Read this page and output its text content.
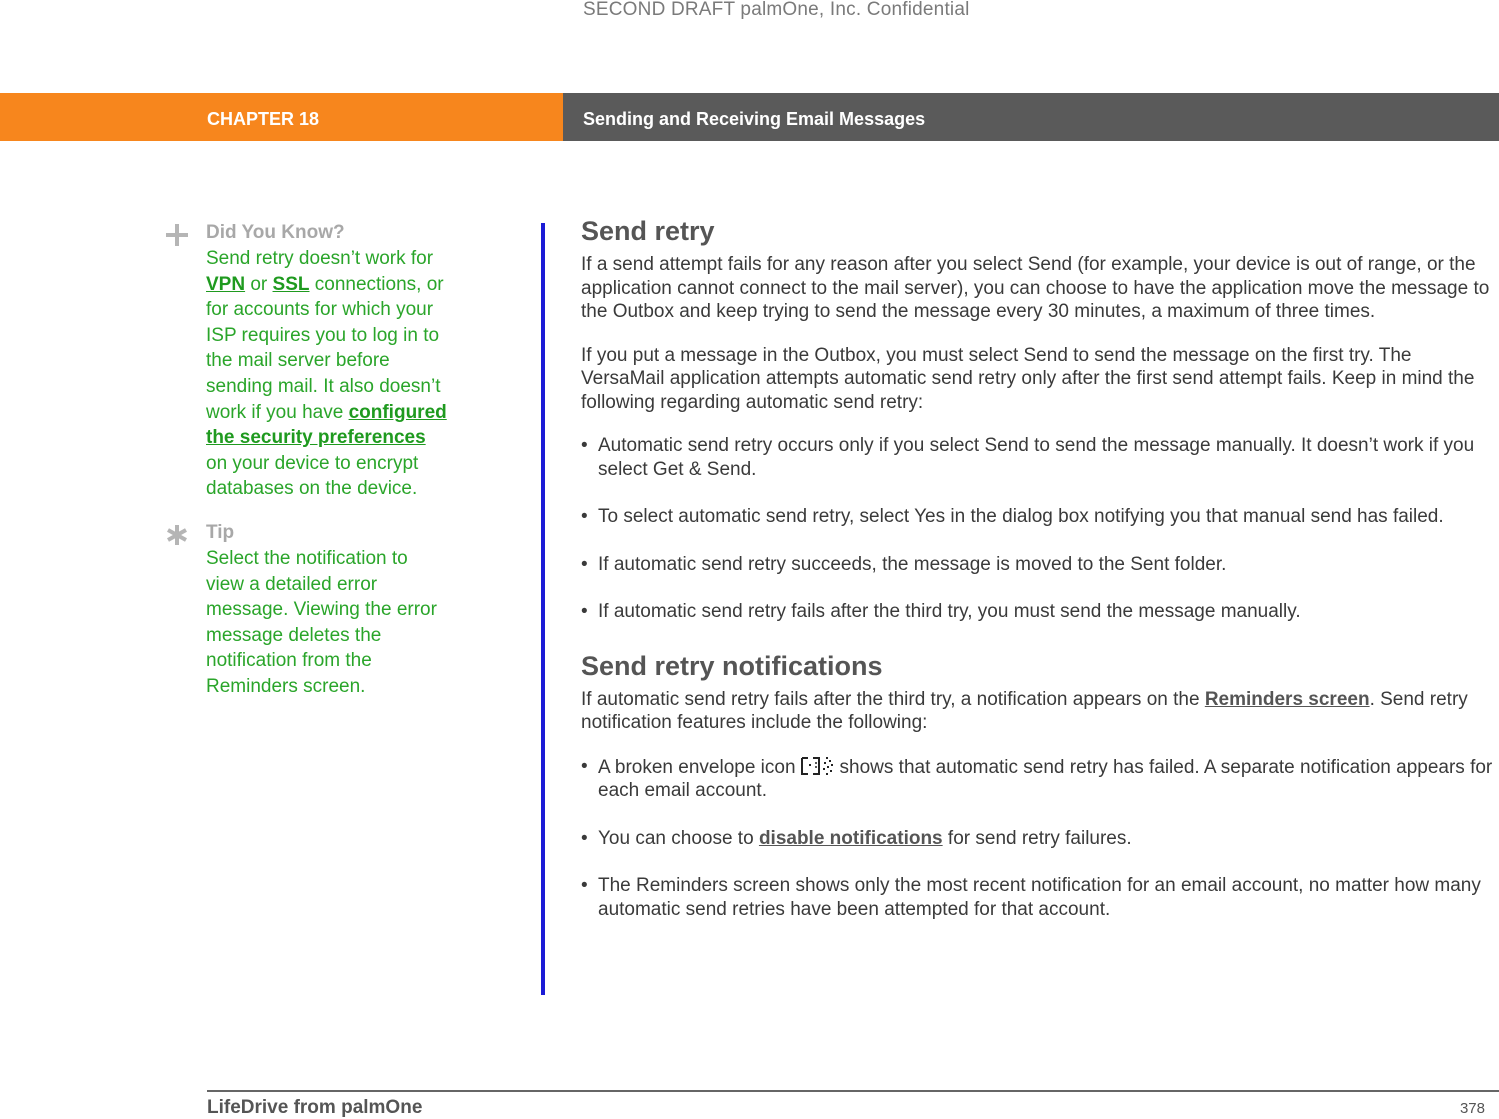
SECOND DRAFT palmOne, Inc. Confidential
CHAPTER 18	Sending and Receiving Email Messages
Did You Know?
Send retry doesn’t work for VPN or SSL connections, or for accounts for which your ISP requires you to log in to the mail server before sending mail. It also doesn’t work if you have configured the security preferences on your device to encrypt databases on the device.
Tip
Select the notification to view a detailed error message. Viewing the error message deletes the notification from the Reminders screen.
Send retry

If a send attempt fails for any reason after you select Send (for example, your device is out of range, or the application cannot connect to the mail server), you can choose to have the application move the message to the Outbox and keep trying to send the message every 30 minutes, a maximum of three times.

If you put a message in the Outbox, you must select Send to send the message on the first try. The VersaMail application attempts automatic send retry only after the first send attempt fails. Keep in mind the following regarding automatic send retry:

• Automatic send retry occurs only if you select Send to send the message manually. It doesn’t work if you select Get & Send.
• To select automatic send retry, select Yes in the dialog box notifying you that manual send has failed.
• If automatic send retry succeeds, the message is moved to the Sent folder.
• If automatic send retry fails after the third try, you must send the message manually.
Send retry notifications

If automatic send retry fails after the third try, a notification appears on the Reminders screen. Send retry notification features include the following:

• A broken envelope icon shows that automatic send retry has failed. A separate notification appears for each email account.
• You can choose to disable notifications for send retry failures.
• The Reminders screen shows only the most recent notification for an email account, no matter how many automatic send retries have been attempted for that account.
LifeDrive from palmOne	378
